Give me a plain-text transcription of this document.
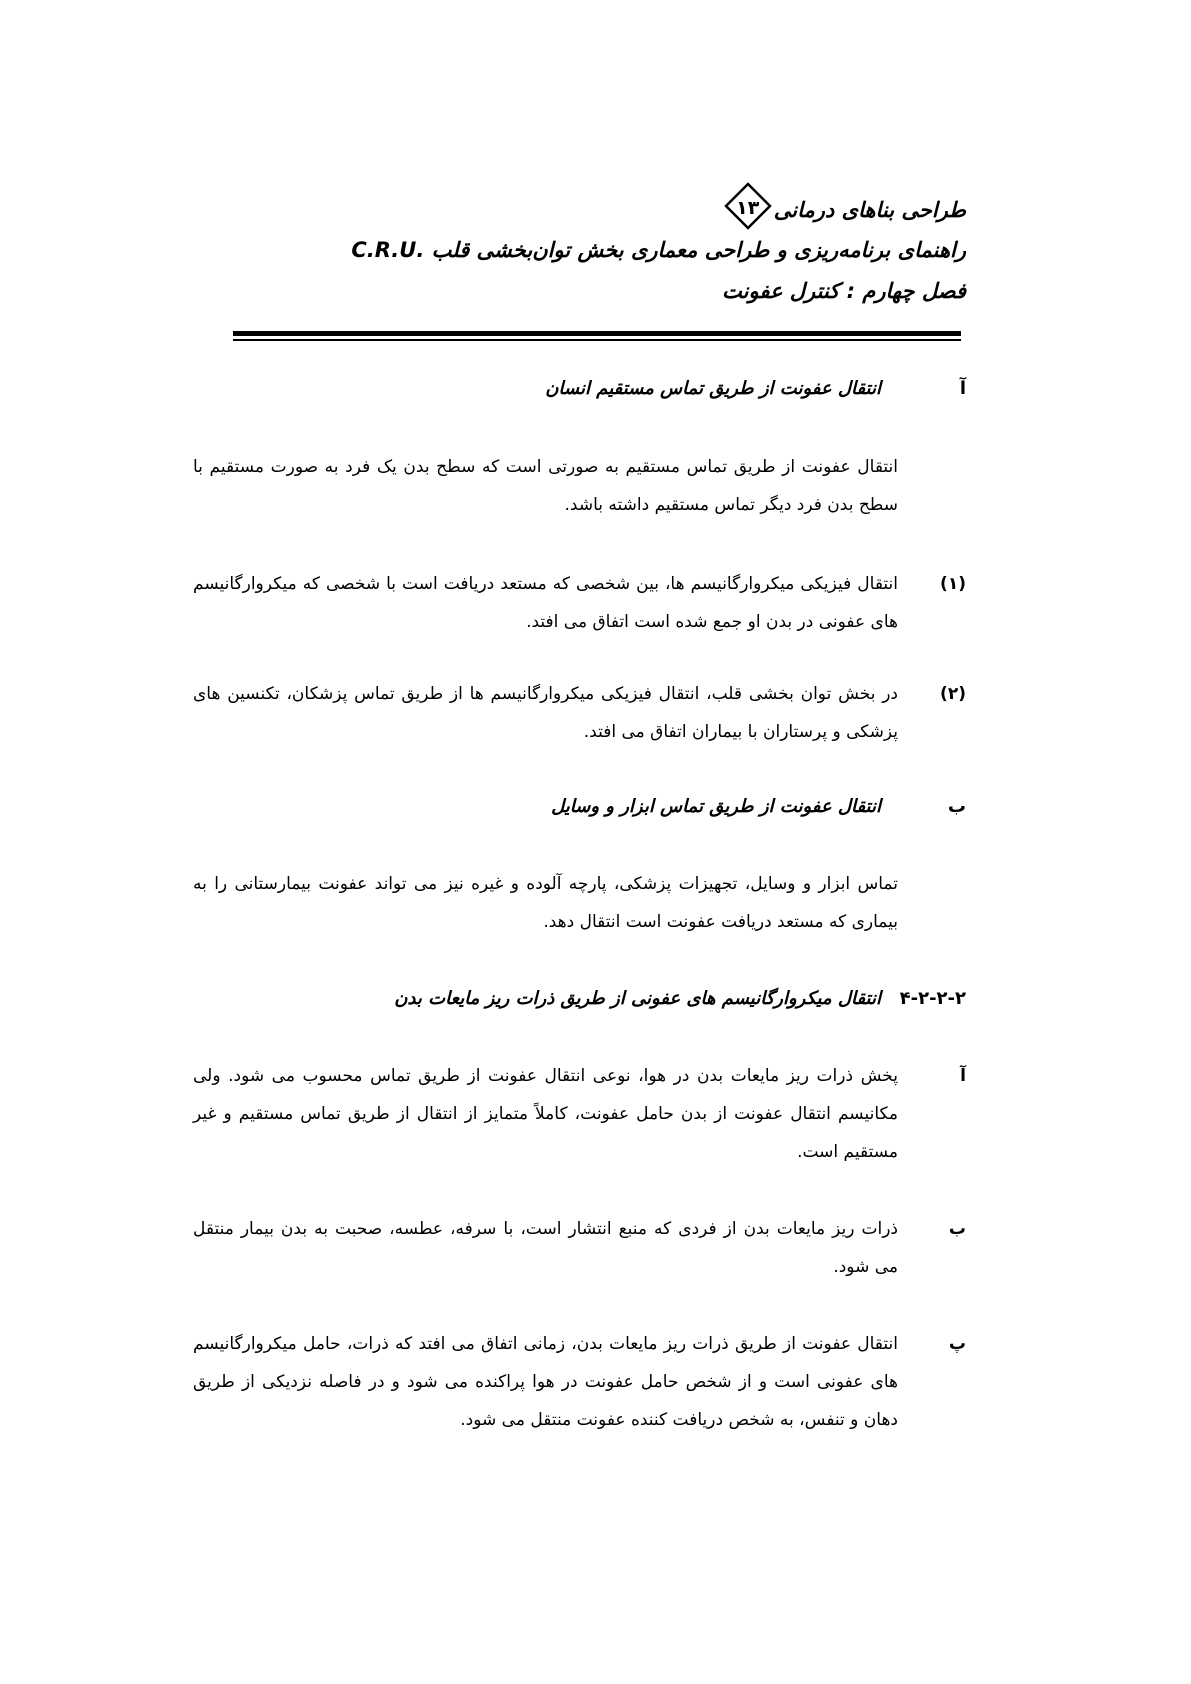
طراحی بناهای درمانی
۱۳
راهنمای برنامه‌ریزی و طراحی معماری بخش توان‌بخشی قلب .C.R.U
فصل چهارم : کنترل عفونت
آ
انتقال عفونت از طریق تماس مستقیم انسان
انتقال عفونت از طریق تماس مستقیم به صورتی است که سطح بدن یک فرد به صورت مستقیم با سطح بدن فرد دیگر تماس مستقیم داشته باشد.
(۱)
انتقال فیزیکی میکروارگانیسم ها، بین شخصی که مستعد دریافت است با شخصی که میکروارگانیسم های عفونی در بدن او جمع شده است اتفاق می افتد.
(۲)
در بخش توان بخشی قلب، انتقال فیزیکی میکروارگانیسم ها از طریق تماس پزشکان، تکنسین های پزشکی و پرستاران با بیماران اتفاق می افتد.
ب
انتقال عفونت از طریق تماس ابزار و وسایل
تماس ابزار و وسایل، تجهیزات پزشکی، پارچه آلوده و غیره نیز می تواند عفونت بیمارستانی را به بیماری که مستعد دریافت عفونت است انتقال دهد.
۴-۲-۲-۲
انتقال میکروارگانیسم های عفونی از طریق ذرات ریز مایعات بدن
آ
پخش ذرات ریز مایعات بدن در هوا، نوعی انتقال عفونت از طریق تماس محسوب می شود. ولی مکانیسم انتقال عفونت از بدن حامل عفونت، کاملاً متمایز از انتقال از طریق تماس مستقیم و غیر مستقیم است.
ب
ذرات ریز مایعات بدن از فردی که منبع انتشار است، با سرفه، عطسه، صحبت به بدن بیمار منتقل می شود.
پ
انتقال عفونت از طریق ذرات ریز مایعات بدن، زمانی اتفاق می افتد که ذرات، حامل میکروارگانیسم های عفونی است و از شخص حامل عفونت در هوا پراکنده می شود و در فاصله نزدیکی از طریق دهان و تنفس، به شخص دریافت کننده عفونت منتقل می شود.
